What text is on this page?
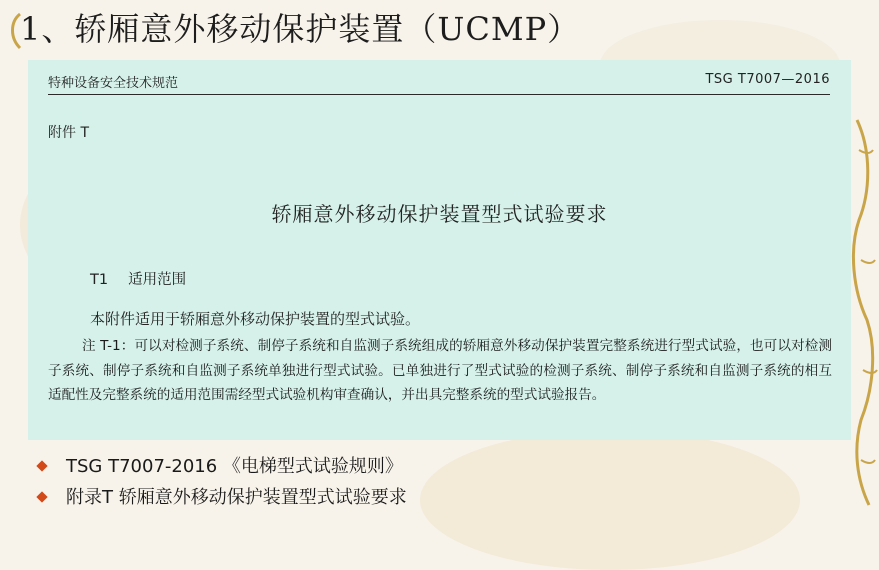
1、轿厢意外移动保护装置（UCMP）
特种设备安全技术规范	TSG T7007—2016
附件 T
轿厢意外移动保护装置型式试验要求
T1 适用范围
本附件适用于轿厢意外移动保护装置的型式试验。

注 T-1：可以对检测子系统、制停子系统和自监测子系统组成的轿厢意外移动保护装置完整系统进行型式试验，也可以对检测子系统、制停子系统和自监测子系统单独进行型式试验。已单独进行了型式试验的检测子系统、制停子系统和自监测子系统的相互适配性及完整系统的适用范围需经型式试验机构审查确认，并出具完整系统的型式试验报告。

TSG T7007-2016 《电梯型式试验规则》
附录T 轿厢意外移动保护装置型式试验要求
